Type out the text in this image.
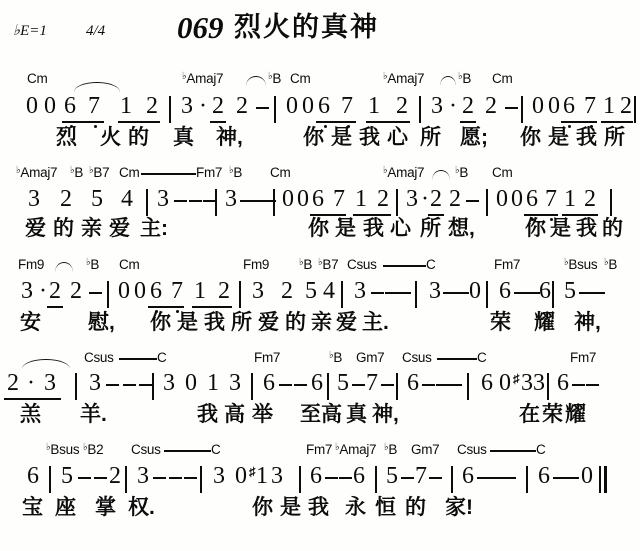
♭E=1	4/4 069 烈火的真神
Cm	♭Amaj7	♭B Cm	♭Amaj7	♭B Cm
0 0 6 7 1 2 3 · 2 2 0 0 6 7 1 2 3 · 2 2 0 0 6 7 1 2
烈 火 的 真 神,	你 是 我 心 所 愿; 你 是 我 所
♭Amaj7 ♭B ♭B7 Cm	Fm7 ♭B Cm	♭Amaj7	♭B Cm
3 2 5 4 3 3 0 0 6 7 1 2 3 · 2 2 0 0 6 7 1 2
爱 的 亲 爱 主:	你 是 我 心 所 想, 你 是 我 的
Fm9	♭B Cm	Fm9	♭B ♭B7 Csus	C	Fm7	♭Bsus ♭B
3 · 2 2 0 0 6 7 1 2 3 2 5 4 3	3 0 6 6 5
安 慰, 你 是 我 所 爱 的 亲 爱 主.	荣 耀 神,
Csus	C	Fm7	♭B Gm7 Csus	C	Fm7
2 · 3 3	3 0 1 3 6 6 5 7 6	6 0 ♯ 3 3 6
羔 羊.	我 高 举 至 高 真 神,	在 荣 耀
♭Bsus ♭B2 Csus	C	Fm7 ♭Amaj7 ♭B Gm7 Csus	C
6 5 2 3	3 0 ♯ 1 3 6 6 5 7 6	6 0
宝 座 掌 权.	你 是 我 永 恒 的 家!
